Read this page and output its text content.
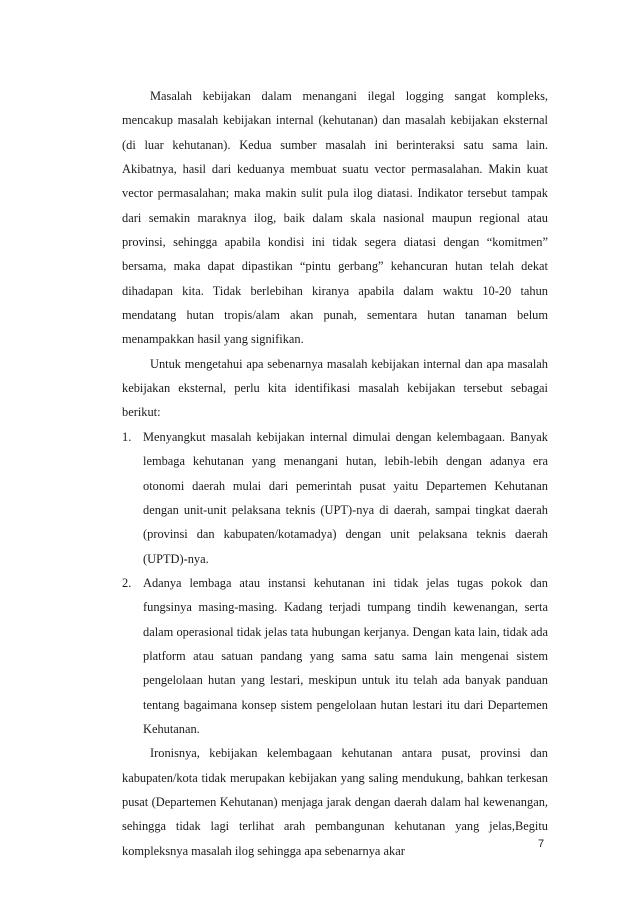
Masalah kebijakan dalam menangani ilegal logging sangat kompleks, mencakup masalah kebijakan internal (kehutanan) dan masalah kebijakan eksternal (di luar kehutanan). Kedua sumber masalah ini berinteraksi satu sama lain. Akibatnya, hasil dari keduanya membuat suatu vector permasalahan. Makin kuat vector permasalahan; maka makin sulit pula ilog diatasi. Indikator tersebut tampak dari semakin maraknya ilog, baik dalam skala nasional maupun regional atau provinsi, sehingga apabila kondisi ini tidak segera diatasi dengan “komitmen” bersama, maka dapat dipastikan “pintu gerbang” kehancuran hutan telah dekat dihadapan kita. Tidak berlebihan kiranya apabila dalam waktu 10-20 tahun mendatang hutan tropis/alam akan punah, sementara hutan tanaman belum menampakkan hasil yang signifikan.

Untuk mengetahui apa sebenarnya masalah kebijakan internal dan apa masalah kebijakan eksternal, perlu kita identifikasi masalah kebijakan tersebut sebagai berikut:

1. Menyangkut masalah kebijakan internal dimulai dengan kelembagaan. Banyak lembaga kehutanan yang menangani hutan, lebih-lebih dengan adanya era otonomi daerah mulai dari pemerintah pusat yaitu Departemen Kehutanan dengan unit-unit pelaksana teknis (UPT)-nya di daerah, sampai tingkat daerah (provinsi dan kabupaten/kotamadya) dengan unit pelaksana teknis daerah (UPTD)-nya.
2. Adanya lembaga atau instansi kehutanan ini tidak jelas tugas pokok dan fungsinya masing-masing. Kadang terjadi tumpang tindih kewenangan, serta dalam operasional tidak jelas tata hubungan kerjanya. Dengan kata lain, tidak ada platform atau satuan pandang yang sama satu sama lain mengenai sistem pengelolaan hutan yang lestari, meskipun untuk itu telah ada banyak panduan tentang bagaimana konsep sistem pengelolaan hutan lestari itu dari Departemen Kehutanan.

Ironisnya, kebijakan kelembagaan kehutanan antara pusat, provinsi dan kabupaten/kota tidak merupakan kebijakan yang saling mendukung, bahkan terkesan pusat (Departemen Kehutanan) menjaga jarak dengan daerah dalam hal kewenangan, sehingga tidak lagi terlihat arah pembangunan kehutanan yang jelas,Begitu kompleksnya masalah ilog sehingga apa sebenarnya akar	7
